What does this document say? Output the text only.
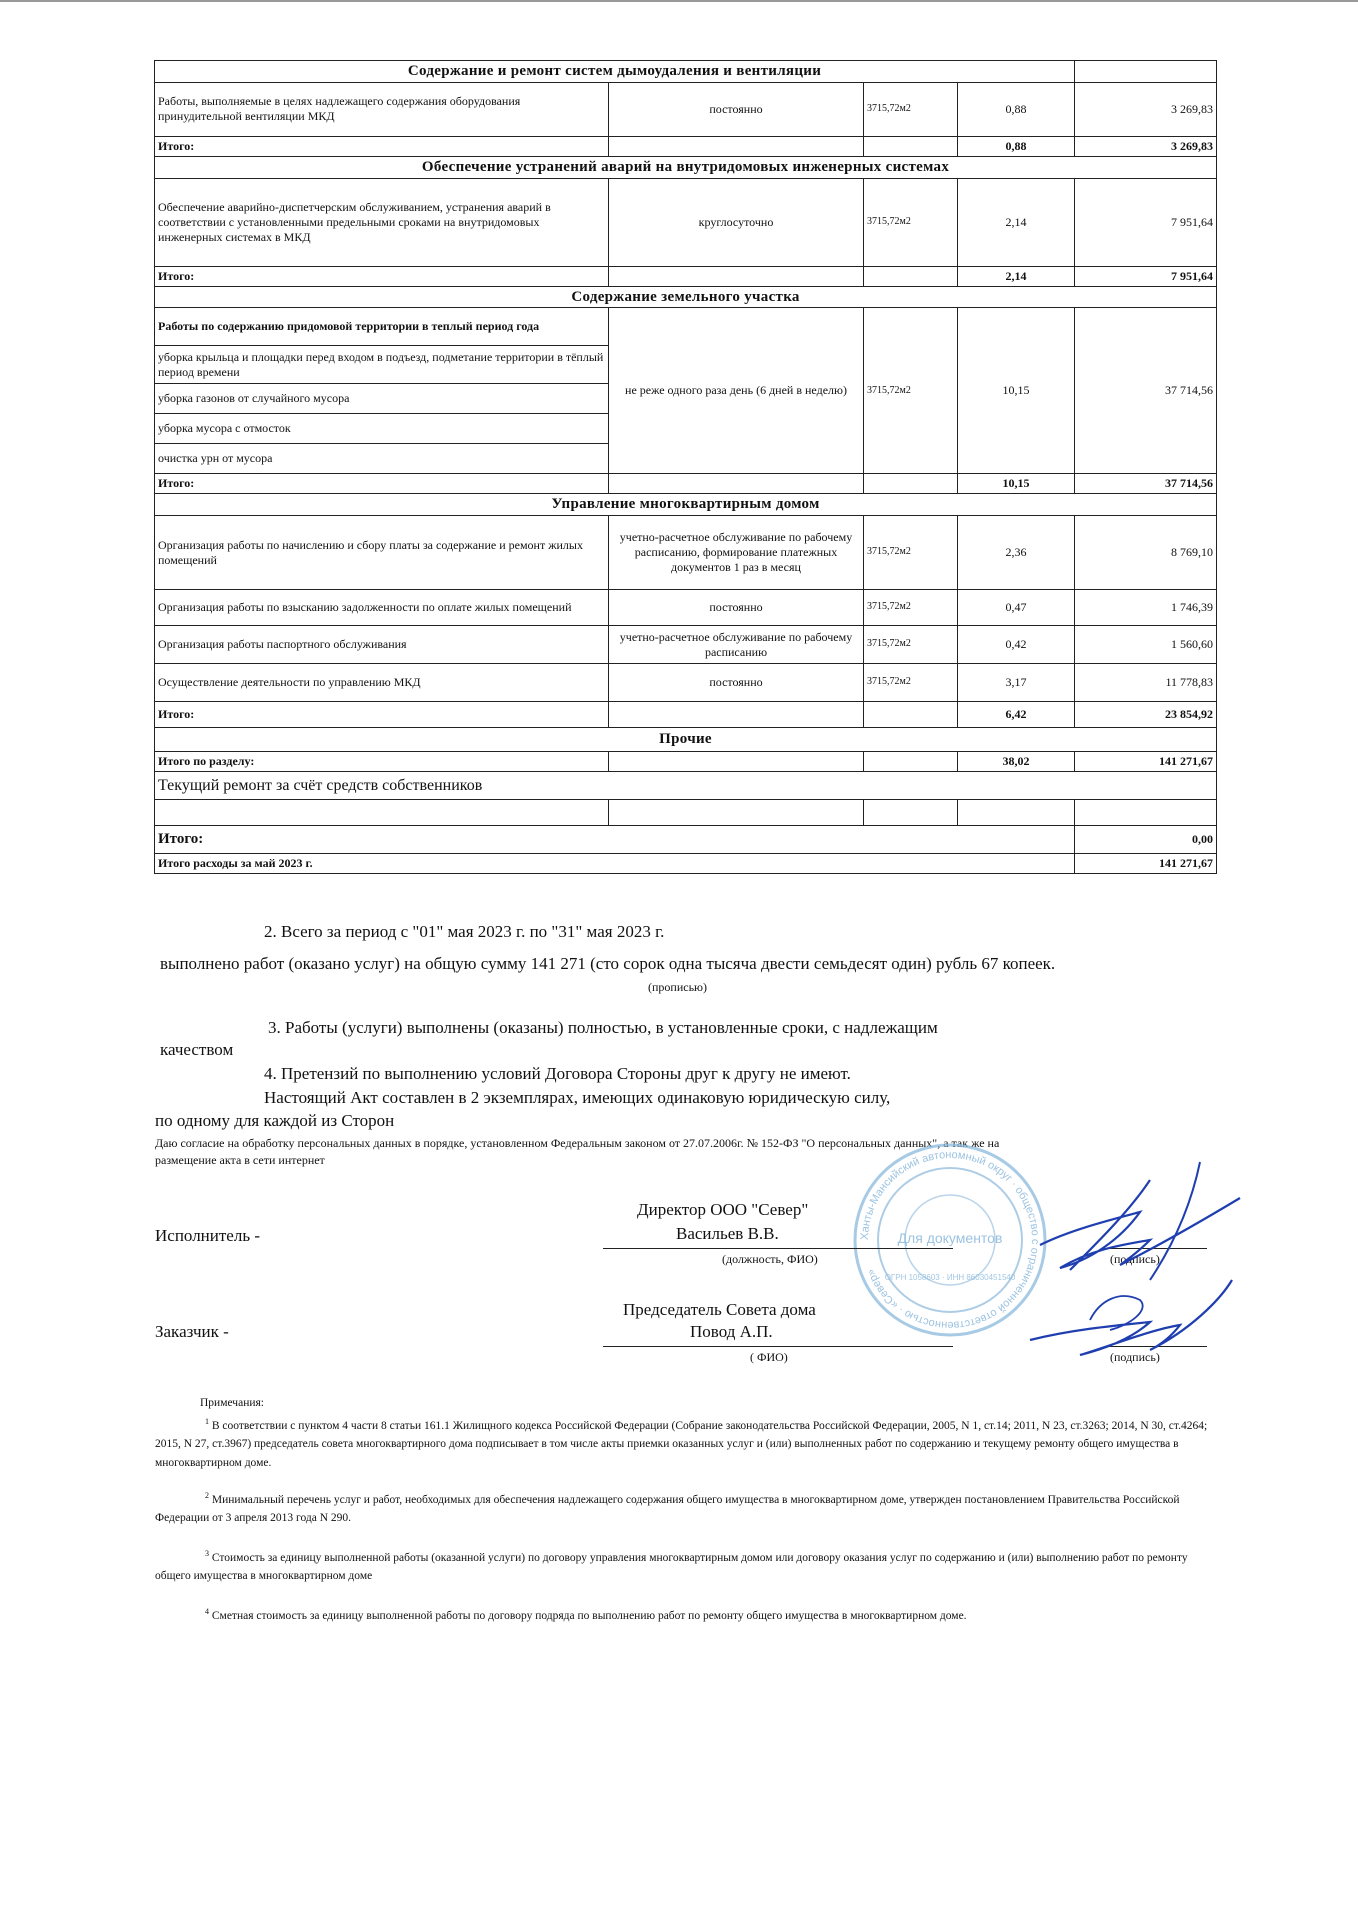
Содержание и ремонт систем дымоудаления и вентиляции				
Работы, выполняемые в целях надлежащего содержания оборудования принудительной вентиляции МКД	постоянно	3715,72м2	0,88	3 269,83
Итого:			0,88	3 269,83
Обеспечение устранений аварий на внутридомовых инженерных системах				
Обеспечение аварийно-диспетчерским обслуживанием, устранения аварий в соответствии с установленными предельными сроками на внутридомовых инженерных системах в МКД	круглосуточно	3715,72м2	2,14	7 951,64
Итого:			2,14	7 951,64
Содержание земельного участка				
Работы по содержанию придомовой территории в теплый период года	не реже одного раза день (6 дней в неделю)	3715,72м2	10,15	37 714,56
уборка крыльца и площадки перед входом в подъезд, подметание территории в тёплый период времени				
уборка газонов от случайного мусора				
уборка мусора с отмосток				
очистка урн от мусора				
Итого:			10,15	37 714,56
Управление многоквартирным домом				
Организация работы по начислению и сбору платы за содержание и ремонт жилых помещений	учетно-расчетное обслуживание по рабочему расписанию, формирование платежных документов 1 раз в месяц	3715,72м2	2,36	8 769,10
Организация работы по взысканию задолженности по оплате жилых помещений	постоянно	3715,72м2	0,47	1 746,39
Организация работы паспортного обслуживания	учетно-расчетное обслуживание по рабочему расписанию	3715,72м2	0,42	1 560,60
Осуществление деятельности по управлению МКД	постоянно	3715,72м2	3,17	11 778,83
Итого:			6,42	23 854,92
Прочие				
Итого по разделу:			38,02	141 271,67
Текущий ремонт за счёт средств собственников				

Итого:				0,00
Итого расходы за май 2023 г.				141 271,67
2. Всего за период с "01" мая 2023 г. по "31" мая 2023 г.
выполнено работ (оказано услуг) на общую сумму 141 271 (сто сорок одна тысяча двести семьдесят один) рубль 67 копеек.
(прописью)
3. Работы (услуги) выполнены (оказаны) полностью, в установленные сроки, с надлежащим
качеством
4. Претензий по выполнению условий Договора Стороны друг к другу не имеют.
Настоящий Акт составлен в 2 экземплярах, имеющих одинаковую юридическую силу,
по одному для каждой из Сторон
Даю согласие на обработку персональных данных в порядке, установленном Федеральным законом от 27.07.2006г. № 152-ФЗ "О персональных данных", а так же на
размещение акта в сети интернет
Ханты-Мансийский автономный округ · общество с ограниченной ответственностью · «Север»
Для документов
ОГРН 1058603 · ИНН 86030451540
Исполнитель -
Директор ООО "Север"
Васильев В.В.
(должность, ФИО)	(подпись)
Заказчик -
Председатель Совета дома
Повод А.П.
( ФИО)	(подпись)
Примечания:
$^1$ В соответствии с пунктом 4 части 8 статьи 161.1 Жилищного кодекса Российской Федерации (Собрание законодательства Российской Федерации, 2005, N 1, ст.14; 2011, N 23, ст.3263; 2014, N 30, ст.4264; 2015, N 27, ст.3967) председатель совета многоквартирного дома подписывает в том числе акты приемки оказанных услуг и (или) выполненных работ по содержанию и текущему ремонту общего имущества в многоквартирном доме.
$^2$ Минимальный перечень услуг и работ, необходимых для обеспечения надлежащего содержания общего имущества в многоквартирном доме, утвержден постановлением Правительства Российской Федерации от 3 апреля 2013 года N 290.
$^3$ Стоимость за единицу выполненной работы (оказанной услуги) по договору управления многоквартирным домом или договору оказания услуг по содержанию и (или) выполнению работ по ремонту общего имущества в многоквартирном доме
$^4$ Сметная стоимость за единицу выполненной работы по договору подряда по выполнению работ по ремонту общего имущества в многоквартирном доме.
